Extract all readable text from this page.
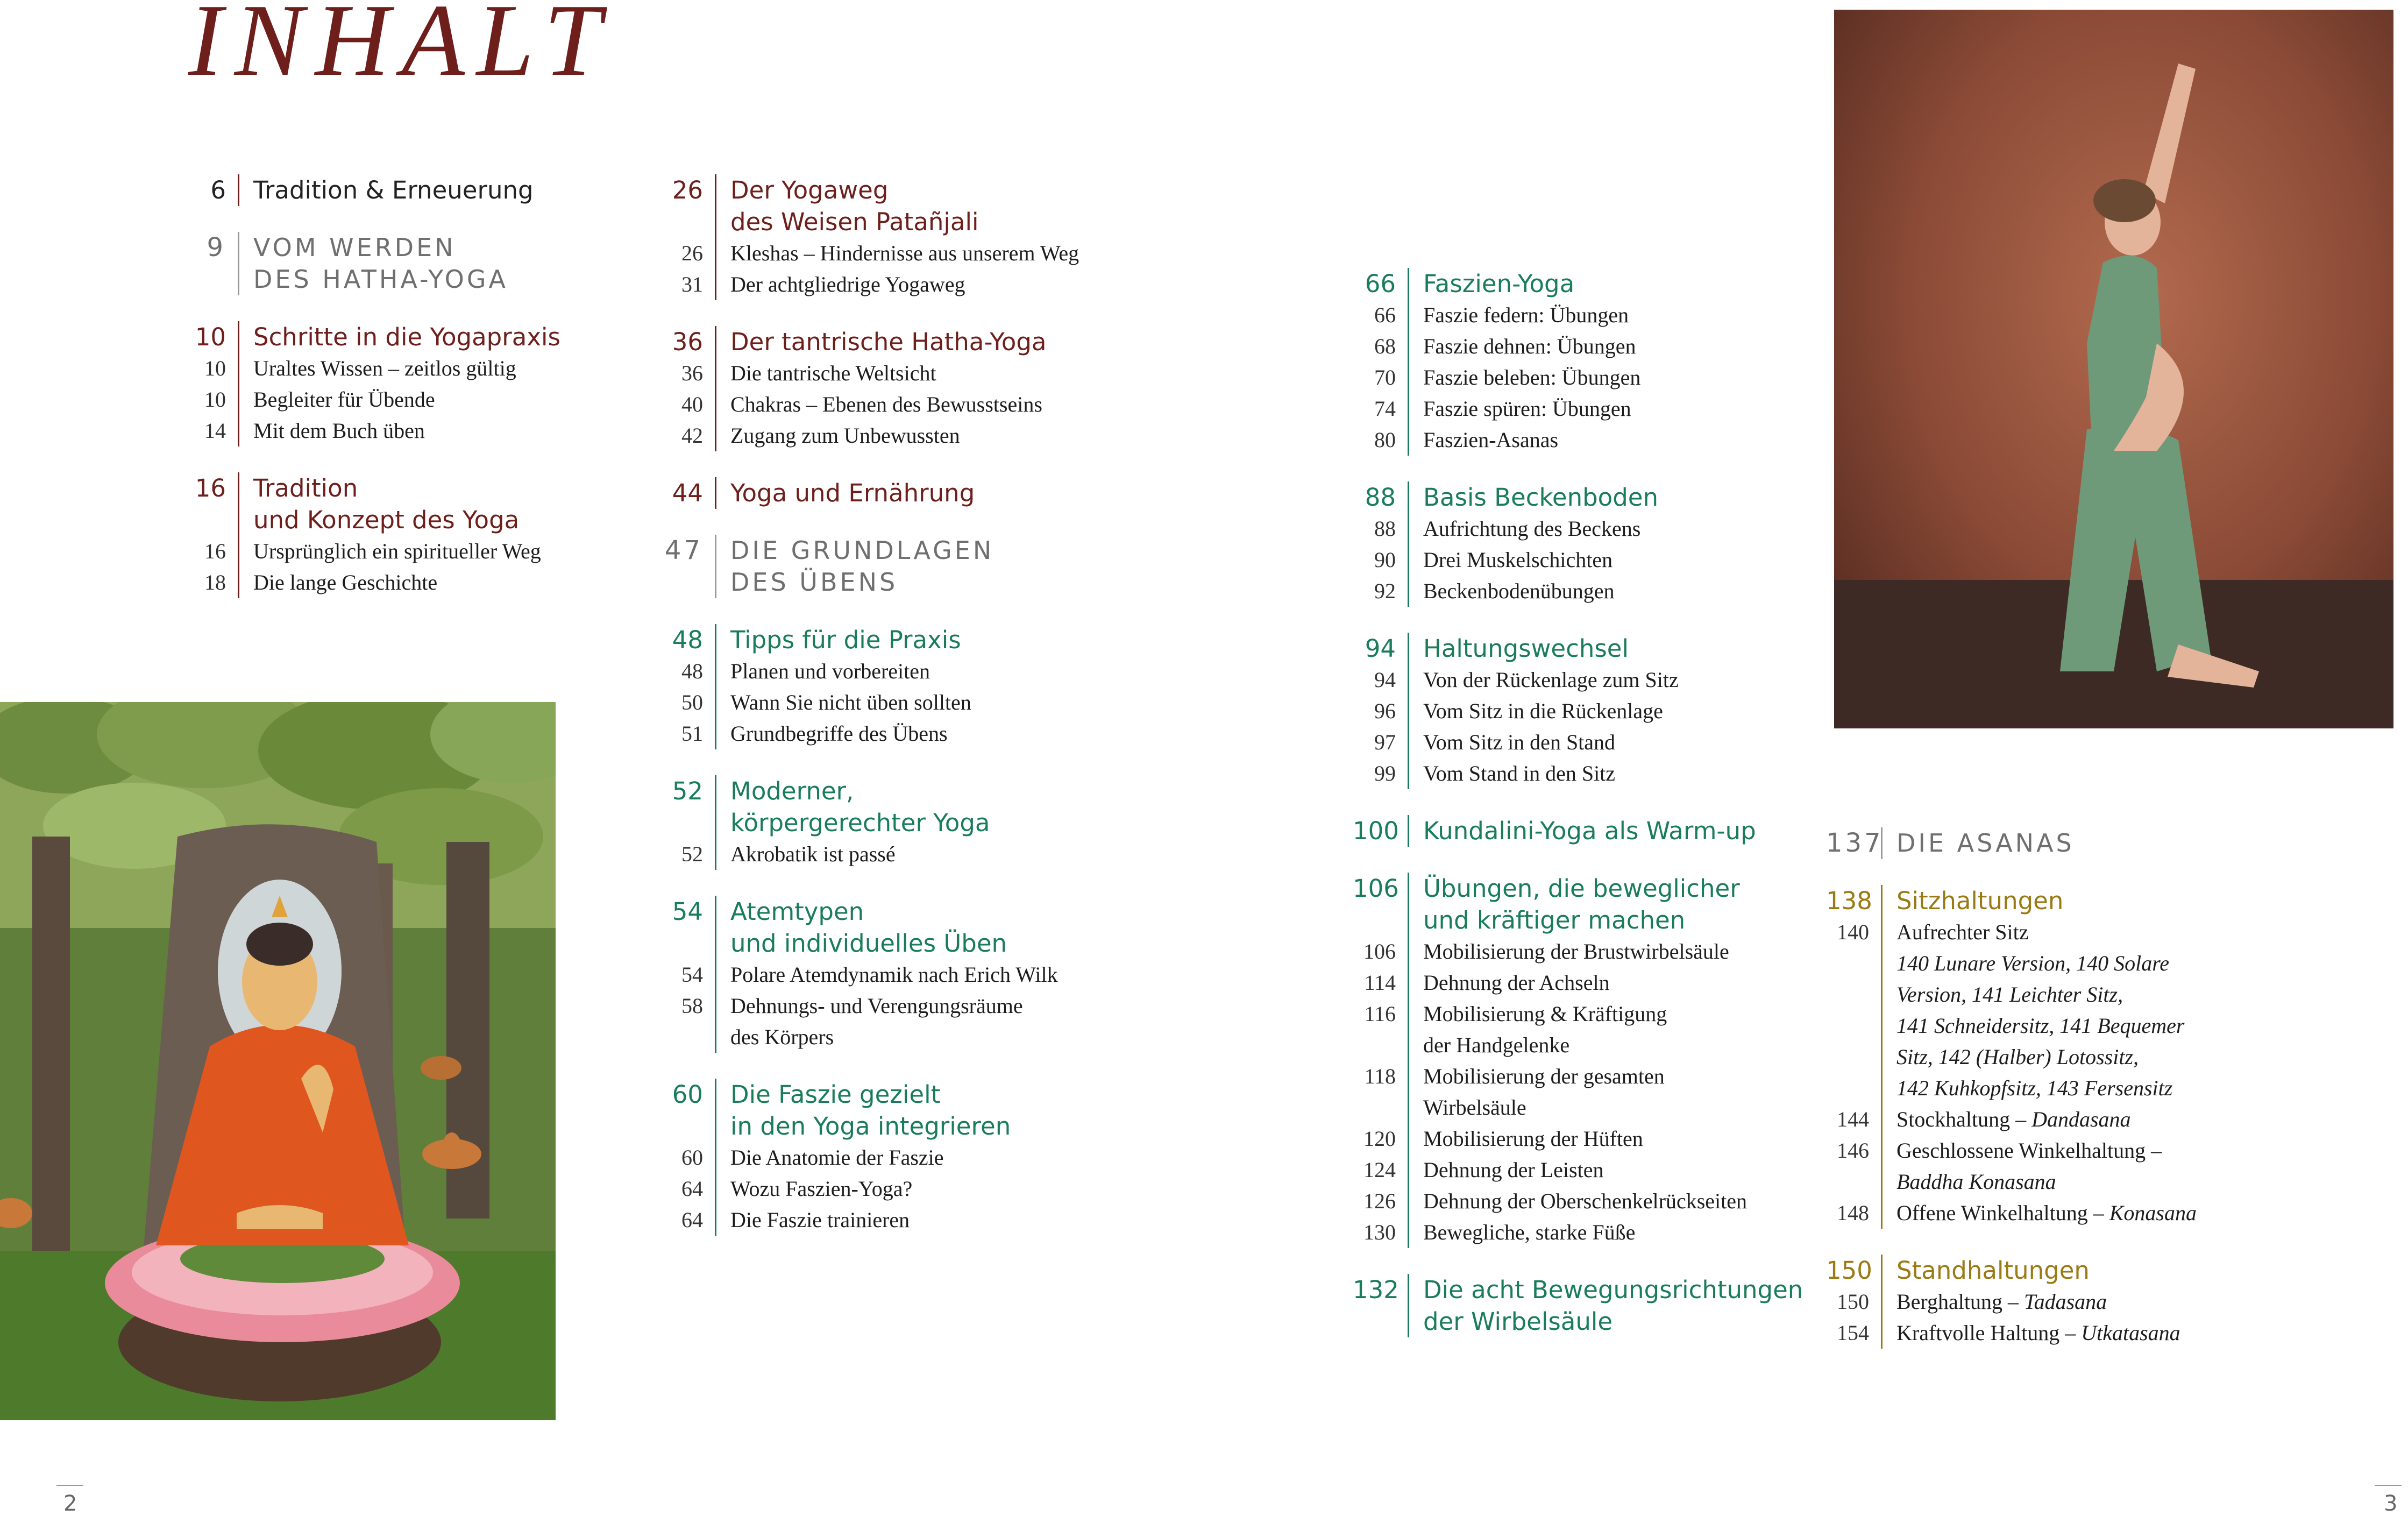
INHALT
6 Tradition & Erneuerung
9 VOM WERDEN
DES HATHA-YOGA
10
10
10
14
Schritte in die Yogapraxis
Uraltes Wissen – zeitlos gültig
Begleiter für Übende
Mit dem Buch üben
16
16
18
Tradition
und Konzept des Yoga
Ursprünglich ein spiritueller Weg
Die lange Geschichte
26
26
31
Der Yogaweg
des Weisen Patañjali
Kleshas – Hindernisse aus unserem Weg
Der achtgliedrige Yogaweg
36
36
40
42
Der tantrische Hatha-Yoga
Die tantrische Weltsicht
Chakras – Ebenen des Bewusstseins
Zugang zum Unbewussten
44 Yoga und Ernährung
47 DIE GRUNDLAGEN
DES ÜBENS
48
48
50
51
Tipps für die Praxis
Planen und vorbereiten
Wann Sie nicht üben sollten
Grundbegriffe des Übens
52
52
Moderner,
körpergerechter Yoga
Akrobatik ist passé
54
54
58
Atemtypen
und individuelles Üben
Polare Atemdynamik nach Erich Wilk
Dehnungs- und Verengungsräume
des Körpers
60
60
64
64
Die Faszie gezielt
in den Yoga integrieren
Die Anatomie der Faszie
Wozu Faszien-Yoga?
Die Faszie trainieren
66
66
68
70
74
80
Faszien-Yoga
Faszie federn: Übungen
Faszie dehnen: Übungen
Faszie beleben: Übungen
Faszie spüren: Übungen
Faszien-Asanas
88
88
90
92
Basis Beckenboden
Aufrichtung des Beckens
Drei Muskelschichten
Beckenbodenübungen
94
94
96
97
99
Haltungswechsel
Von der Rückenlage zum Sitz
Vom Sitz in die Rückenlage
Vom Sitz in den Stand
Vom Stand in den Sitz
100 Kundalini-Yoga als Warm-up
106
106
114
116
118
120
124
126
130
Übungen, die beweglicher
und kräftiger machen
Mobilisierung der Brustwirbelsäule
Dehnung der Achseln
Mobilisierung & Kräftigung
der Handgelenke
Mobilisierung der gesamten
Wirbelsäule
Mobilisierung der Hüften
Dehnung der Leisten
Dehnung der Oberschenkelrückseiten
Bewegliche, starke Füße
132 Die acht Bewegungsrichtungen
der Wirbelsäule
137 DIE ASANAS
138
140
144
146
148
Sitzhaltungen
Aufrechter Sitz
140 Lunare Version, 140 Solare
Version, 141 Leichter Sitz,
141 Schneidersitz, 141 Bequemer
Sitz, 142 (Halber) Lotossitz,
142 Kuhkopfsitz, 143 Fersensitz
Stockhaltung – Dandasana
Geschlossene Winkelhaltung –
Baddha Konasana
Offene Winkelhaltung – Konasana
150
150
154
Standhaltungen
Berghaltung – Tadasana
Kraftvolle Haltung – Utkatasana
2	3
